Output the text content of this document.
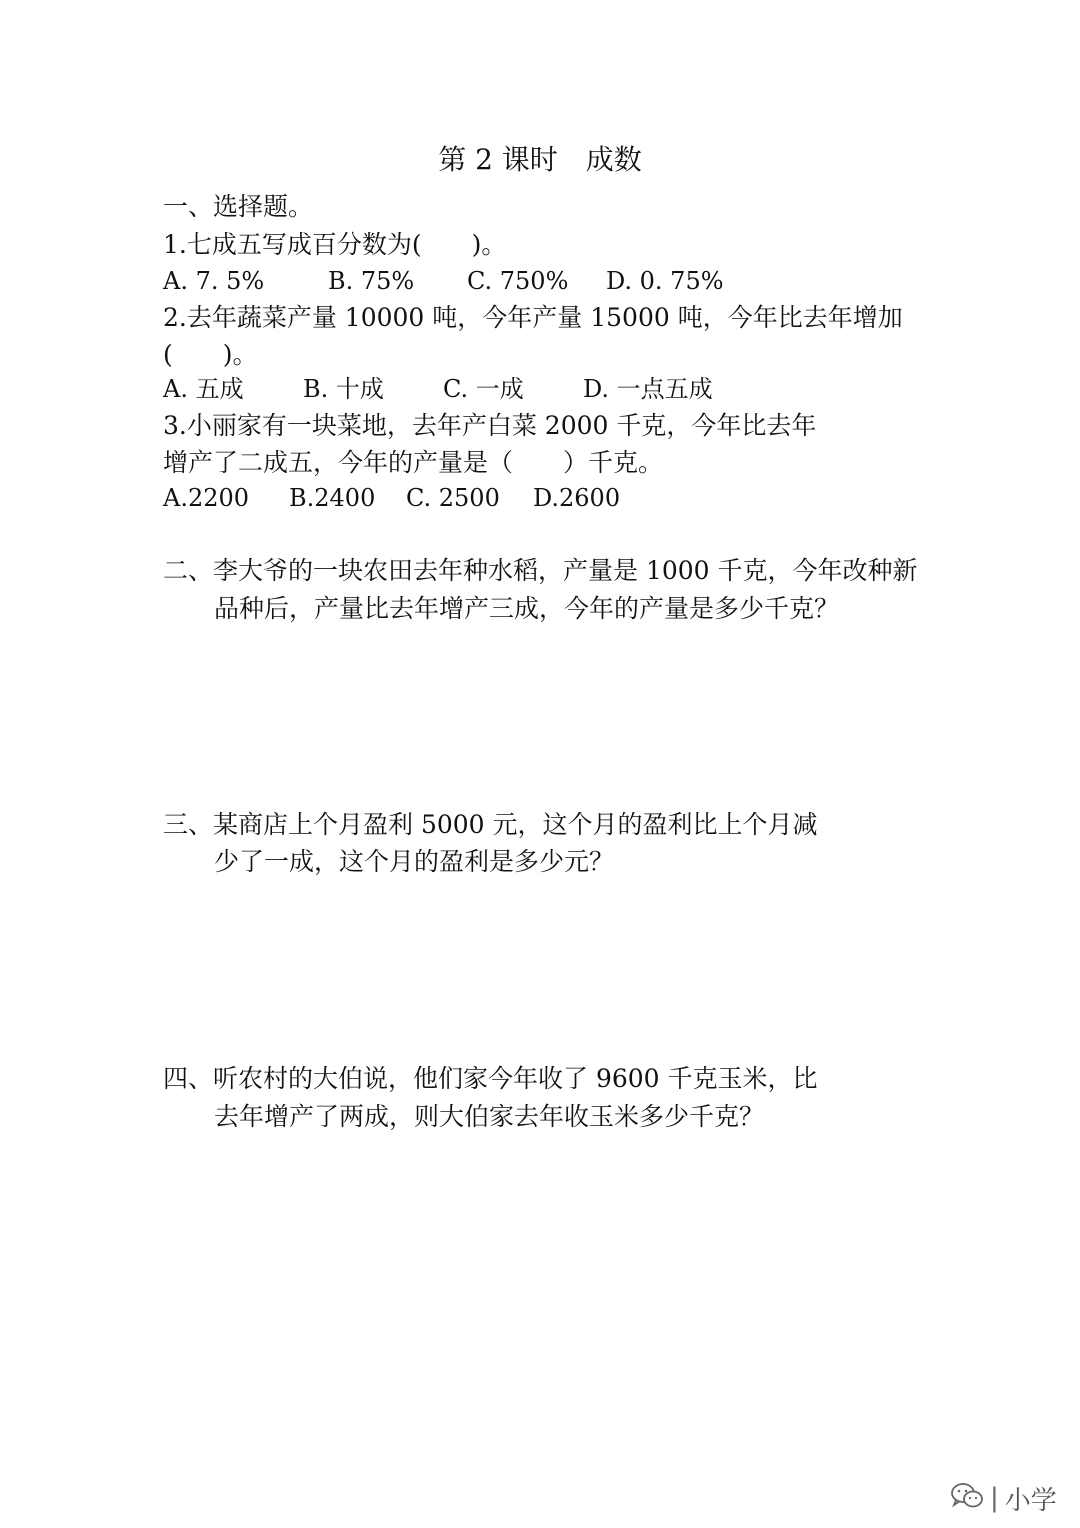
第 2 课时　成数
一、选择题。
1.七成五写成百分数为(　　)。
A. 7. 5%	B. 75% C. 750% D. 0. 75%
2.去年蔬菜产量 10000 吨，今年产量 15000 吨，今年比去年增加
(　　)。
A. 五成 B. 十成 C. 一成 D. 一点五成
3.小丽家有一块菜地，去年产白菜 2000 千克，今年比去年
增产了二成五，今年的产量是（　　）千克。
A.2200 B.2400 C. 2500 D.2600
二、李大爷的一块农田去年种水稻，产量是 1000 千克，今年改种新
品种后，产量比去年增产三成，今年的产量是多少千克？
三、某商店上个月盈利 5000 元，这个月的盈利比上个月减
少了一成，这个月的盈利是多少元？
四、听农村的大伯说，他们家今年收了 9600 千克玉米，比
去年增产了两成，则大伯家去年收玉米多少千克？
| 小学
